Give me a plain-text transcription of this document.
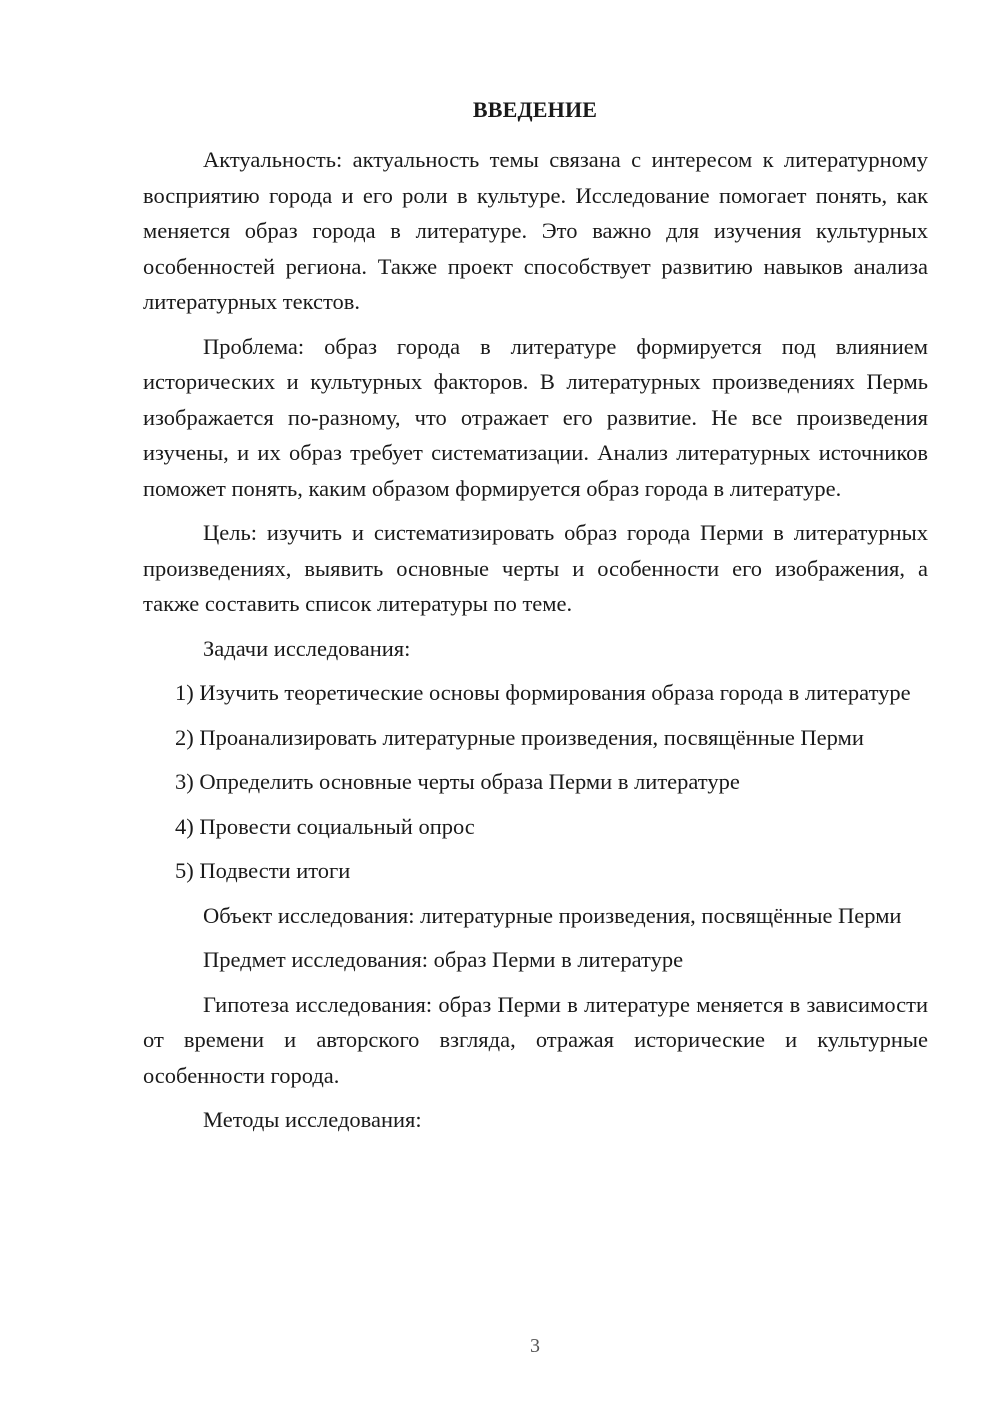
ВВЕДЕНИЕ

Актуальность: актуальность темы связана с интересом к литературному восприятию города и его роли в культуре. Исследование помогает понять, как меняется образ города в литературе. Это важно для изучения культурных особенностей региона. Также проект способствует развитию навыков анализа литературных текстов.

Проблема: образ города в литературе формируется под влиянием исторических и культурных факторов. В литературных произведениях Пермь изображается по-разному, что отражает его развитие. Не все произведения изучены, и их образ требует систематизации. Анализ литературных источников поможет понять, каким образом формируется образ города в литературе.

Цель: изучить и систематизировать образ города Перми в литературных произведениях, выявить основные черты и особенности его изображения, а также составить список литературы по теме.

Задачи исследования:

1) Изучить теоретические основы формирования образа города в литературе

2) Проанализировать литературные произведения, посвящённые Перми

3) Определить основные черты образа Перми в литературе

4) Провести социальный опрос

5) Подвести итоги

Объект исследования: литературные произведения, посвящённые Перми

Предмет исследования: образ Перми в литературе

Гипотеза исследования: образ Перми в литературе меняется в зависимости от времени и авторского взгляда, отражая исторические и культурные особенности города.

Методы исследования:

3
